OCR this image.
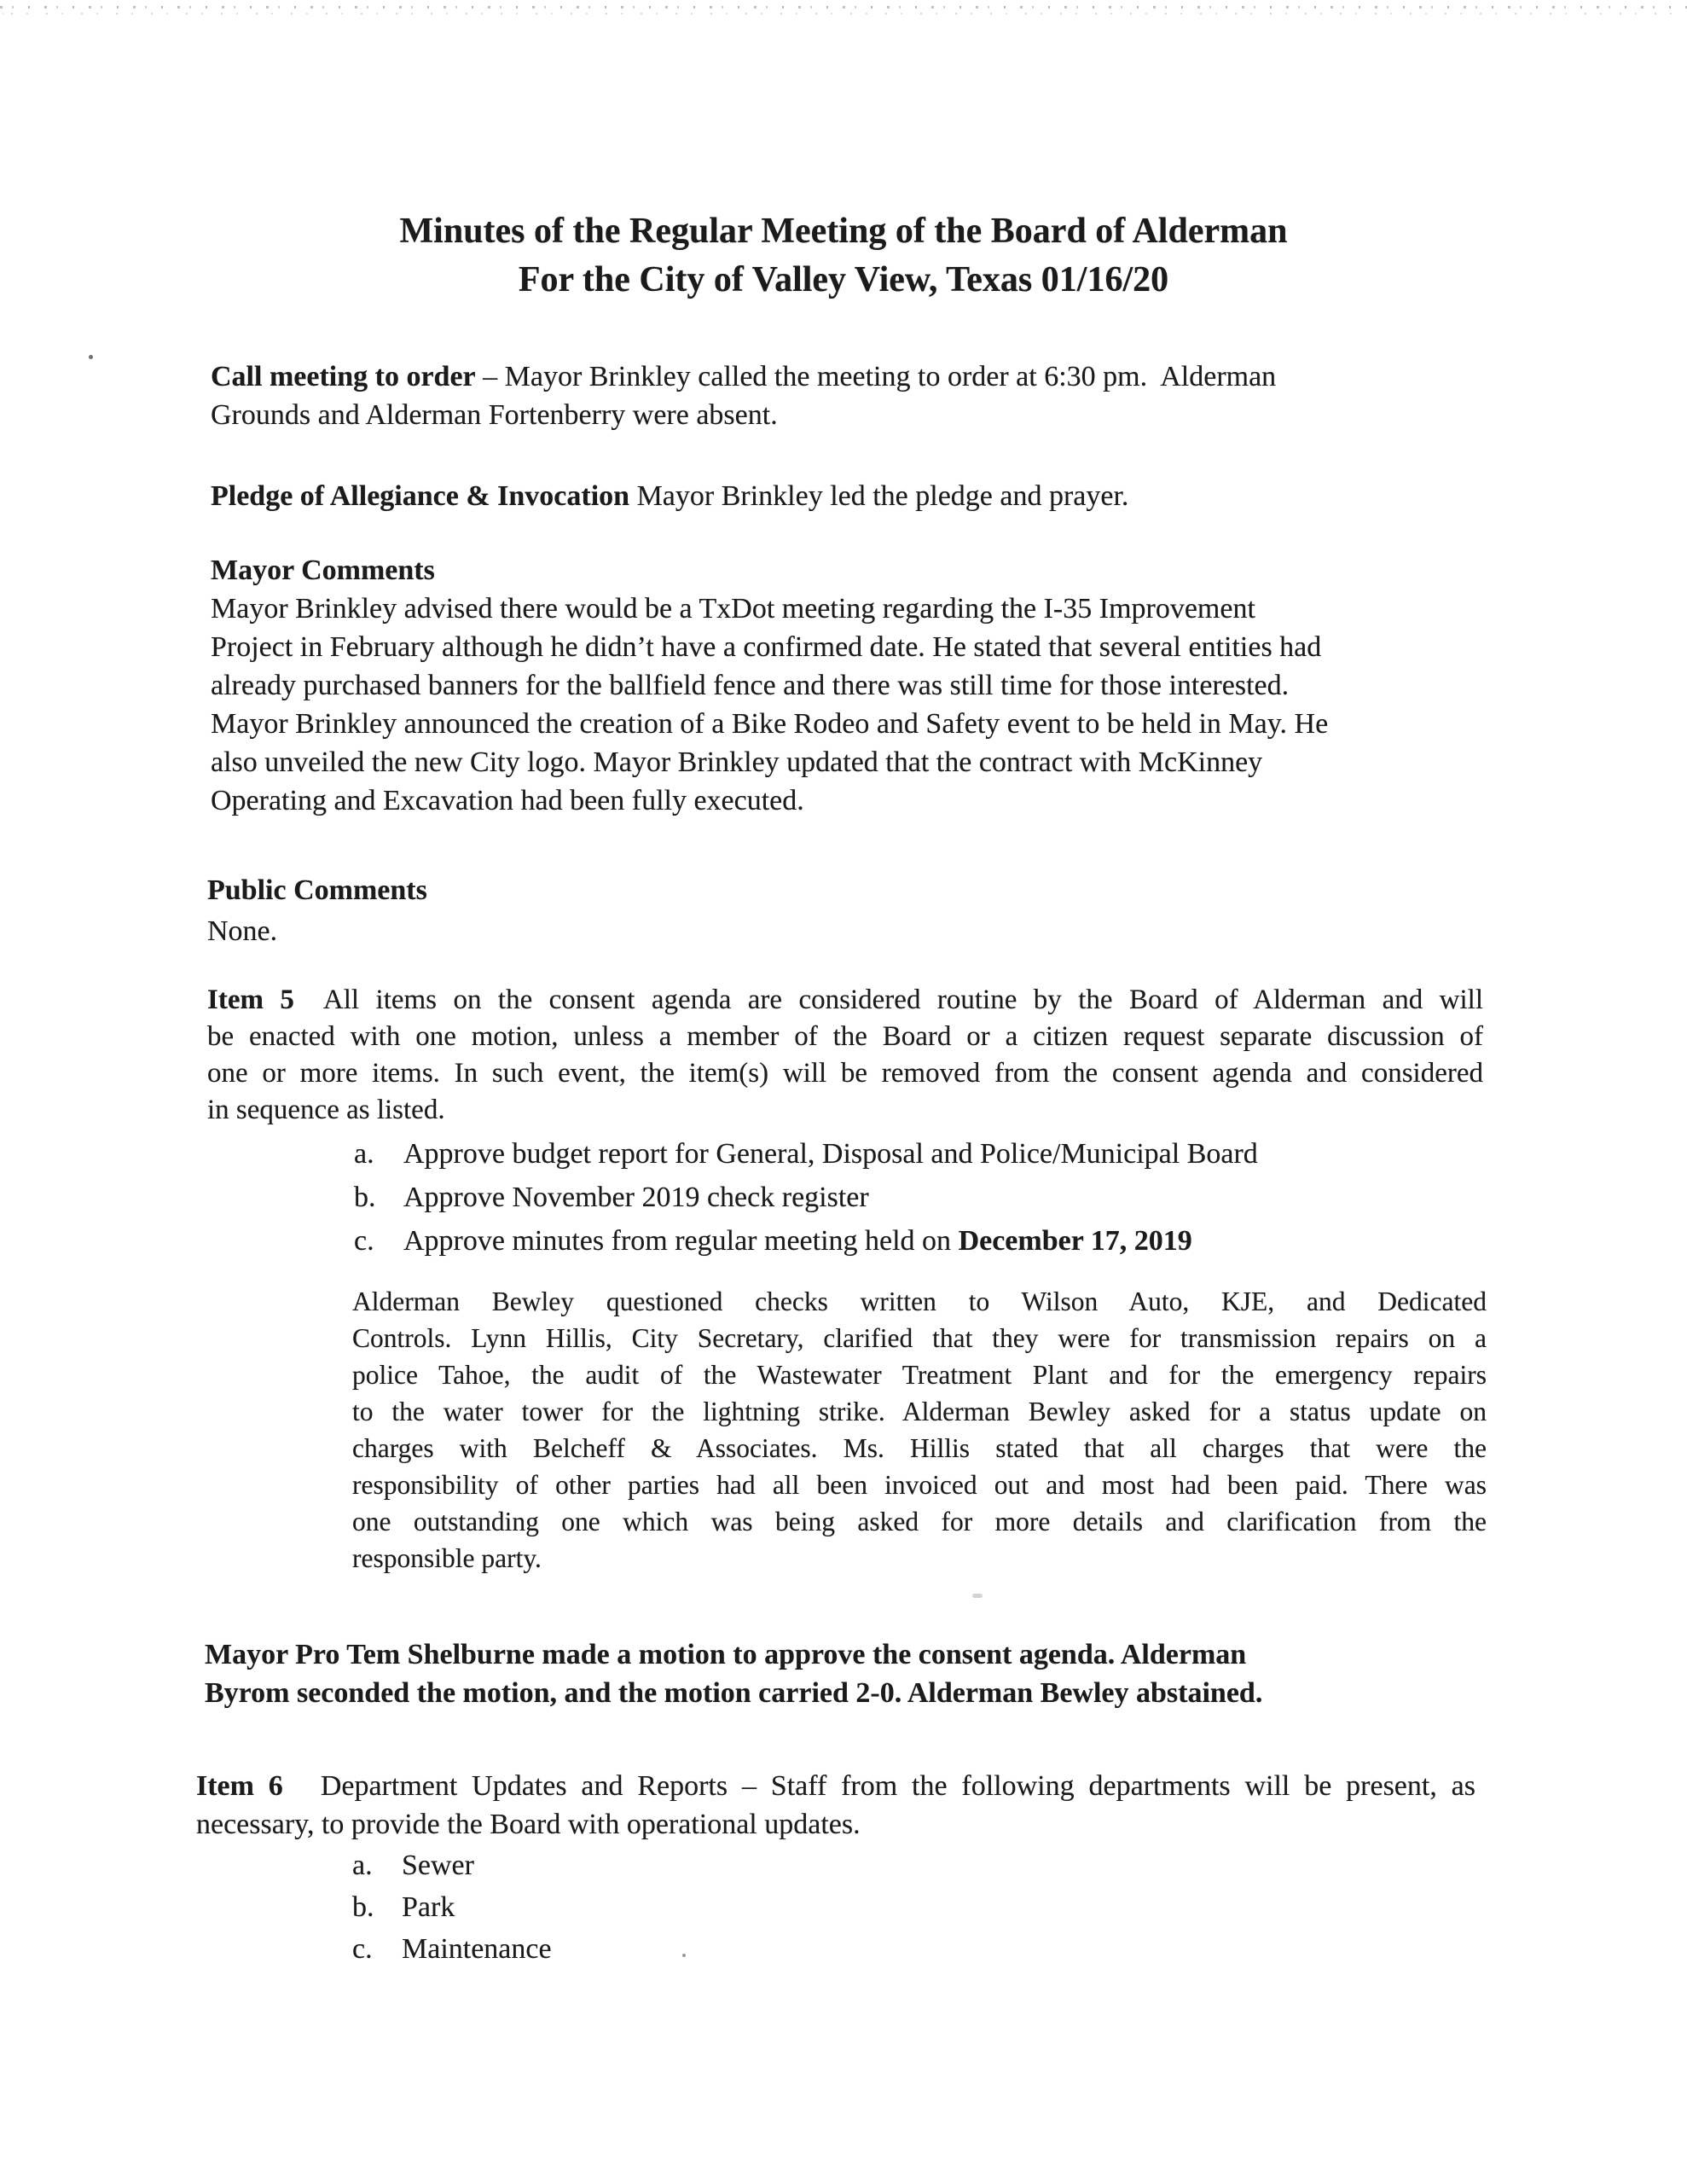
Minutes of the Regular Meeting of the Board of Alderman
For the City of Valley View, Texas 01/16/20
Call meeting to order – Mayor Brinkley called the meeting to order at 6:30 pm.  Alderman
Grounds and Alderman Fortenberry were absent.
Pledge of Allegiance & Invocation Mayor Brinkley led the pledge and prayer.
Mayor Comments
Mayor Brinkley advised there would be a TxDot meeting regarding the I-35 Improvement
Project in February although he didn’t have a confirmed date. He stated that several entities had
already purchased banners for the ballfield fence and there was still time for those interested.
Mayor Brinkley announced the creation of a Bike Rodeo and Safety event to be held in May. He
also unveiled the new City logo. Mayor Brinkley updated that the contract with McKinney
Operating and Excavation had been fully executed.
Public Comments
None.
Item 5 All items on the consent agenda are considered routine by the Board of Alderman and will
be enacted with one motion, unless a member of the Board or a citizen request separate discussion of
one or more items. In such event, the item(s) will be removed from the consent agenda and considered
in sequence as listed.
a.	Approve budget report for General, Disposal and Police/Municipal Board
b. Approve November 2019 check register
c.	Approve minutes from regular meeting held on December 17, 2019
Alderman Bewley questioned checks written to Wilson Auto, KJE, and Dedicated
Controls. Lynn Hillis, City Secretary, clarified that they were for transmission repairs on a
police Tahoe, the audit of the Wastewater Treatment Plant and for the emergency repairs
to the water tower for the lightning strike. Alderman Bewley asked for a status update on
charges with Belcheff & Associates. Ms. Hillis stated that all charges that were the
responsibility of other parties had all been invoiced out and most had been paid. There was
one outstanding one which was being asked for more details and clarification from the
responsible party.
Mayor Pro Tem Shelburne made a motion to approve the consent agenda. Alderman
Byrom seconded the motion, and the motion carried 2-0. Alderman Bewley abstained.
Item 6 Department Updates and Reports – Staff from the following departments will be present, as
necessary, to provide the Board with operational updates.
a.	Sewer
b. Park
c.	Maintenance
